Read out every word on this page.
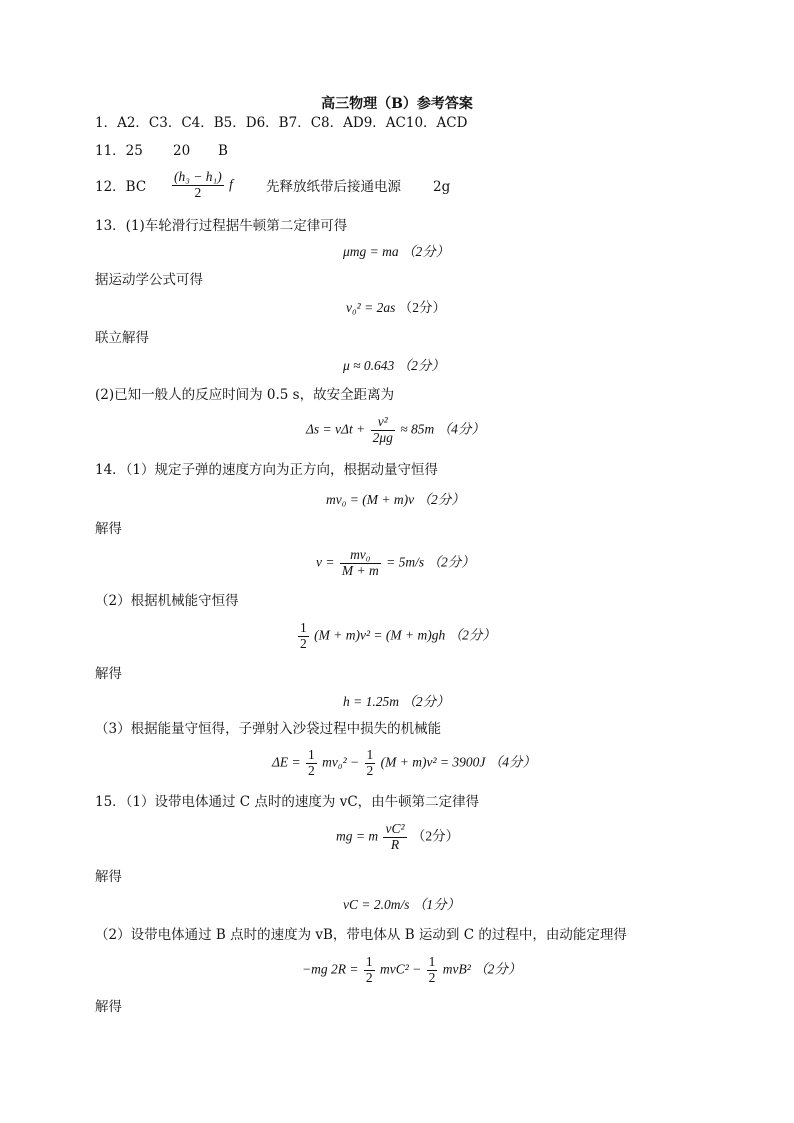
高三物理（B）参考答案
1．A2．C3．C4．B5．D6．B7．C8．AD9．AC10．ACD
11．25 20 B
12．BC $\frac{\text{(h₃ − h₁)}}{2}$ f 先释放纸带后接通电源 2g
13．(1)车轮滑行过程据牛顿第二定律可得
μmg = ma （2分）
据运动学公式可得
v₀² = 2as （2分）
联立解得
μ ≈ 0.643 （2分）
(2)已知一般人的反应时间为 0.5 s，故安全距离为
$\Delta s = v\Delta t + \frac{\text{v²}}{2\mu g} \approx 85m$ （4分）
14．（1）规定子弹的速度方向为正方向，根据动量守恒得
mv₀ = (M + m)v （2分）
解得
$v = \frac{\text{mv₀}}{M + m} = 5m/s$ （2分）
（2）根据机械能守恒得
$\frac{1}{2} (M + m)v^2 = (M + m)gh$ （2分）
解得
h = 1.25m （2分）
（3）根据能量守恒得，子弹射入沙袋过程中损失的机械能
$\Delta E = \frac{1}{2} mv_0^2 - \frac{1}{2} (M + m)v^2 = 3900J$ （4分）
15．（1）设带电体通过 C 点时的速度为 vC，由牛顿第二定律得
mg = m $\frac{\text{vC²}}{R} (2$分）
解得
vC = 2.0m/s （1分）
（2）设带电体通过 B 点时的速度为 vB，带电体从 B 运动到 C 的过程中，由动能定理得
−mg $2R = \frac{1}{2} mvC^2 - \frac{1}{2} mvB^2$ （2分）
解得
